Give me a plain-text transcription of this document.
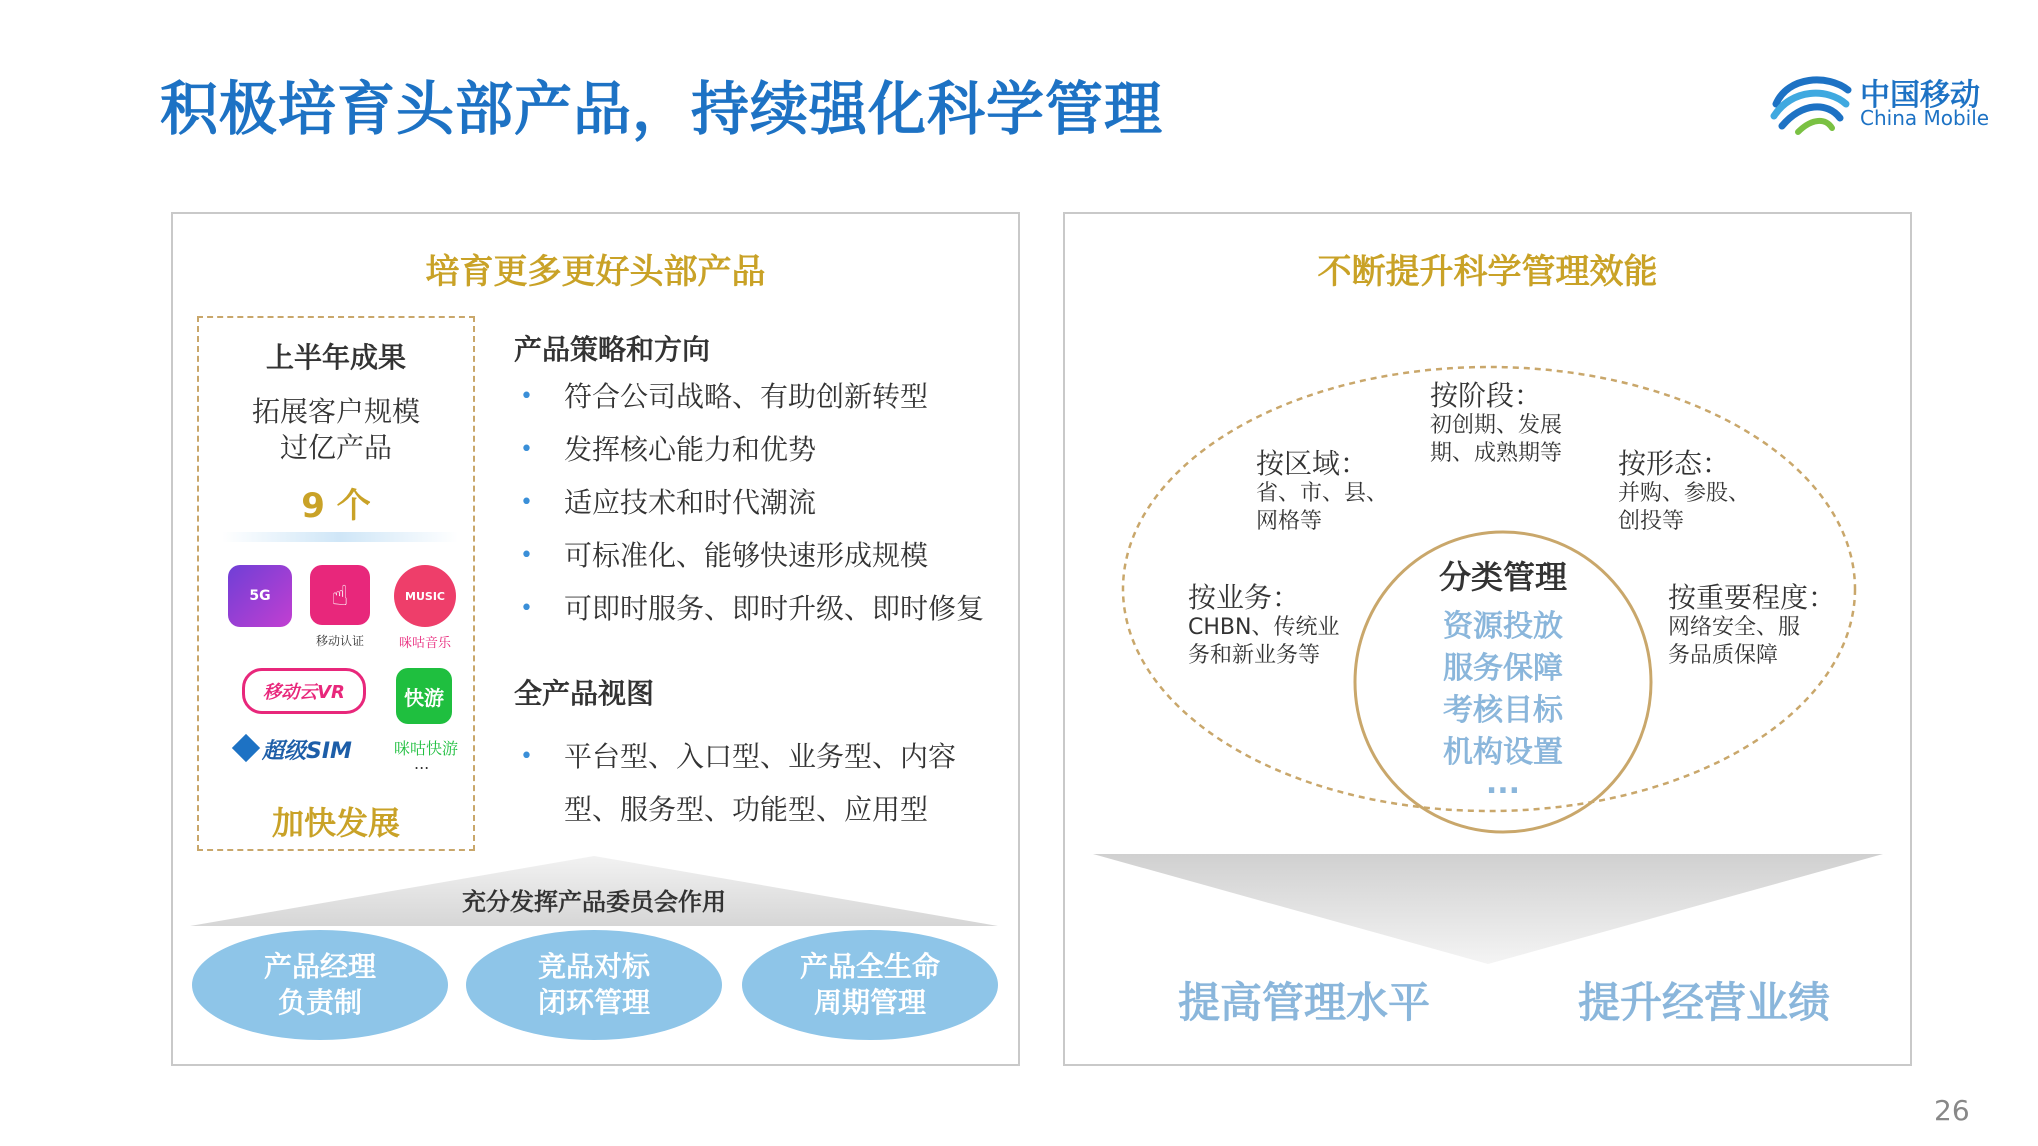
积极培育头部产品，持续强化科学管理	中国移动
China Mobile
培育更多更好头部产品
上半年成果
拓展客户规模
过亿产品
9 个
5G ☝
移动认证
MUSIC
咪咕音乐
移动云VR	快游
超级SIM	咪咕快游
...
加快发展
产品策略和方向
• 符合公司战略、有助创新转型
• 发挥核心能力和优势
• 适应技术和时代潮流
• 可标准化、能够快速形成规模
• 可即时服务、即时升级、即时修复
全产品视图
• 平台型、入口型、业务型、内容
型、服务型、功能型、应用型
充分发挥产品委员会作用
产品经理
负责制
竞品对标
闭环管理
产品全生命
周期管理
不断提升科学管理效能
按阶段：
初创期、发展
期、成熟期等
按区域：
省、市、县、
网格等
按形态：
并购、参股、
创投等
按业务：
CHBN、传统业
务和新业务等
按重要程度：
网络安全、服
务品质保障
分类管理
资源投放
服务保障
考核目标
机构设置
...
提高管理水平	提升经营业绩
26
